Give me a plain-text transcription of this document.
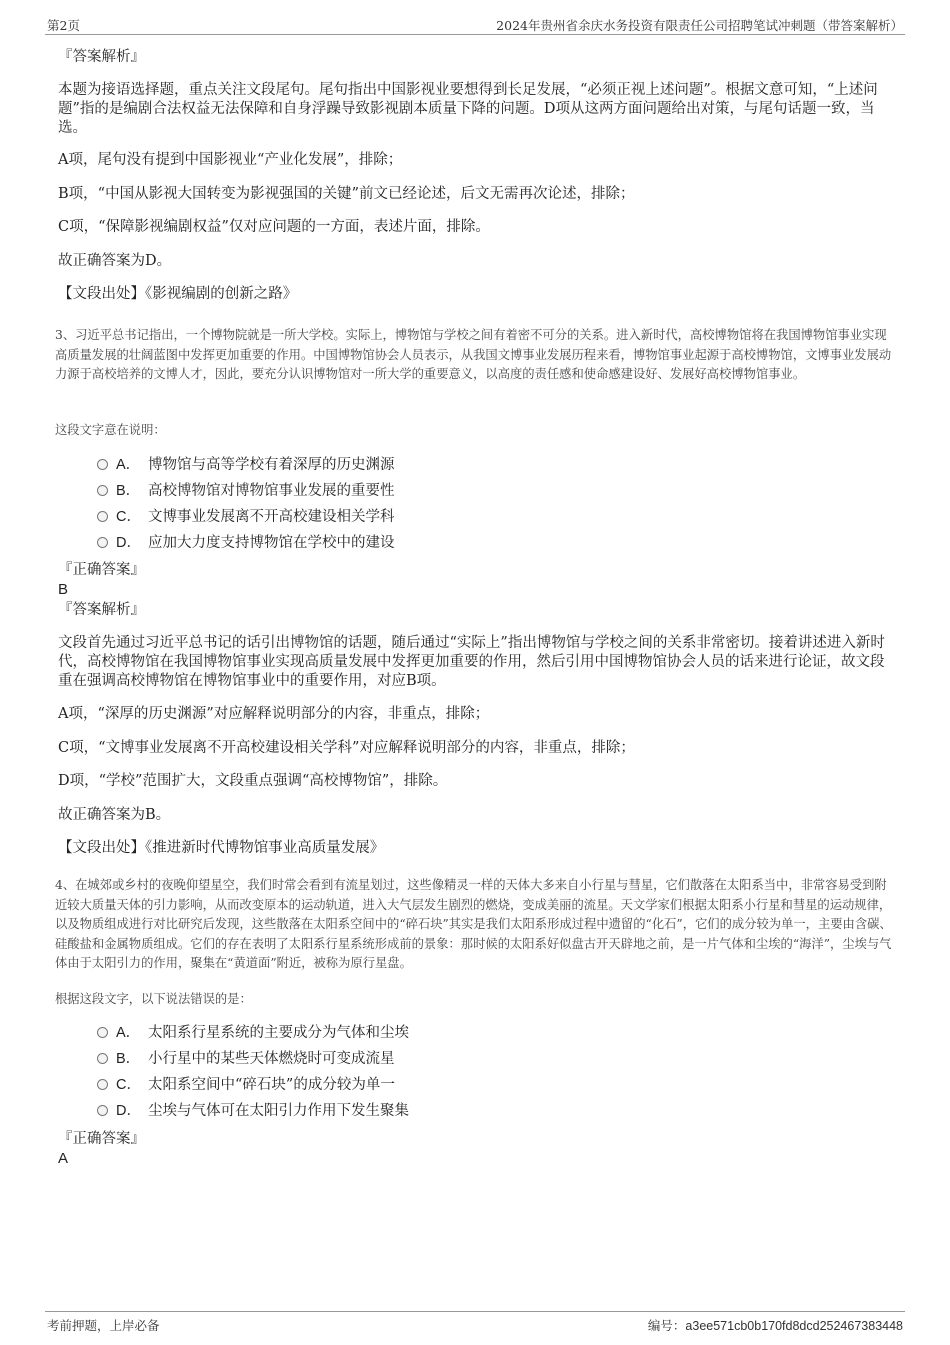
第2页	2024年贵州省余庆水务投资有限责任公司招聘笔试冲刺题（带答案解析）

『答案解析』

本题为接语选择题，重点关注文段尾句。尾句指出中国影视业要想得到长足发展，“必须正视上述问题”。根据文意可知，“上述问题”指的是编剧合法权益无法保障和自身浮躁导致影视剧本质量下降的问题。D项从这两方面问题给出对策，与尾句话题一致，当选。

A项，尾句没有提到中国影视业“产业化发展”，排除；

B项，“中国从影视大国转变为影视强国的关键”前文已经论述，后文无需再次论述，排除；

C项，“保障影视编剧权益”仅对应问题的一方面，表述片面，排除。

故正确答案为D。

【文段出处】《影视编剧的创新之路》

3、习近平总书记指出，一个博物院就是一所大学校。实际上，博物馆与学校之间有着密不可分的关系。进入新时代，高校博物馆将在我国博物馆事业实现高质量发展的壮阔蓝图中发挥更加重要的作用。中国博物馆协会人员表示，从我国文博事业发展历程来看，博物馆事业起源于高校博物馆，文博事业发展动力源于高校培养的文博人才，因此，要充分认识博物馆对一所大学的重要意义，以高度的责任感和使命感建设好、发展好高校博物馆事业。

这段文字意在说明：

A． 博物馆与高等学校有着深厚的历史渊源
B． 高校博物馆对博物馆事业发展的重要性
C． 文博事业发展离不开高校建设相关学科
D． 应加大力度支持博物馆在学校中的建设

『正确答案』

B

『答案解析』

文段首先通过习近平总书记的话引出博物馆的话题，随后通过“实际上”指出博物馆与学校之间的关系非常密切。接着讲述进入新时代，高校博物馆在我国博物馆事业实现高质量发展中发挥更加重要的作用，然后引用中国博物馆协会人员的话来进行论证，故文段重在强调高校博物馆在博物馆事业中的重要作用，对应B项。

A项，“深厚的历史渊源”对应解释说明部分的内容，非重点，排除；

C项，“文博事业发展离不开高校建设相关学科”对应解释说明部分的内容，非重点，排除；

D项，“学校”范围扩大，文段重点强调“高校博物馆”，排除。

故正确答案为B。

【文段出处】《推进新时代博物馆事业高质量发展》

4、在城郊或乡村的夜晚仰望星空，我们时常会看到有流星划过，这些像精灵一样的天体大多来自小行星与彗星，它们散落在太阳系当中，非常容易受到附近较大质量天体的引力影响，从而改变原本的运动轨道，进入大气层发生剧烈的燃烧，变成美丽的流星。天文学家们根据太阳系小行星和彗星的运动规律，以及物质组成进行对比研究后发现，这些散落在太阳系空间中的“碎石块”其实是我们太阳系形成过程中遗留的“化石”，它们的成分较为单一，主要由含碳、硅酸盐和金属物质组成。它们的存在表明了太阳系行星系统形成前的景象：那时候的太阳系好似盘古开天辟地之前，是一片气体和尘埃的“海洋”，尘埃与气体由于太阳引力的作用，聚集在“黄道面”附近，被称为原行星盘。

根据这段文字，以下说法错误的是：

A． 太阳系行星系统的主要成分为气体和尘埃
B． 小行星中的某些天体燃烧时可变成流星
C． 太阳系空间中“碎石块”的成分较为单一
D． 尘埃与气体可在太阳引力作用下发生聚集

『正确答案』

A

考前押题，上岸必备	编号：a3ee571cb0b170fd8dcd252467383448
